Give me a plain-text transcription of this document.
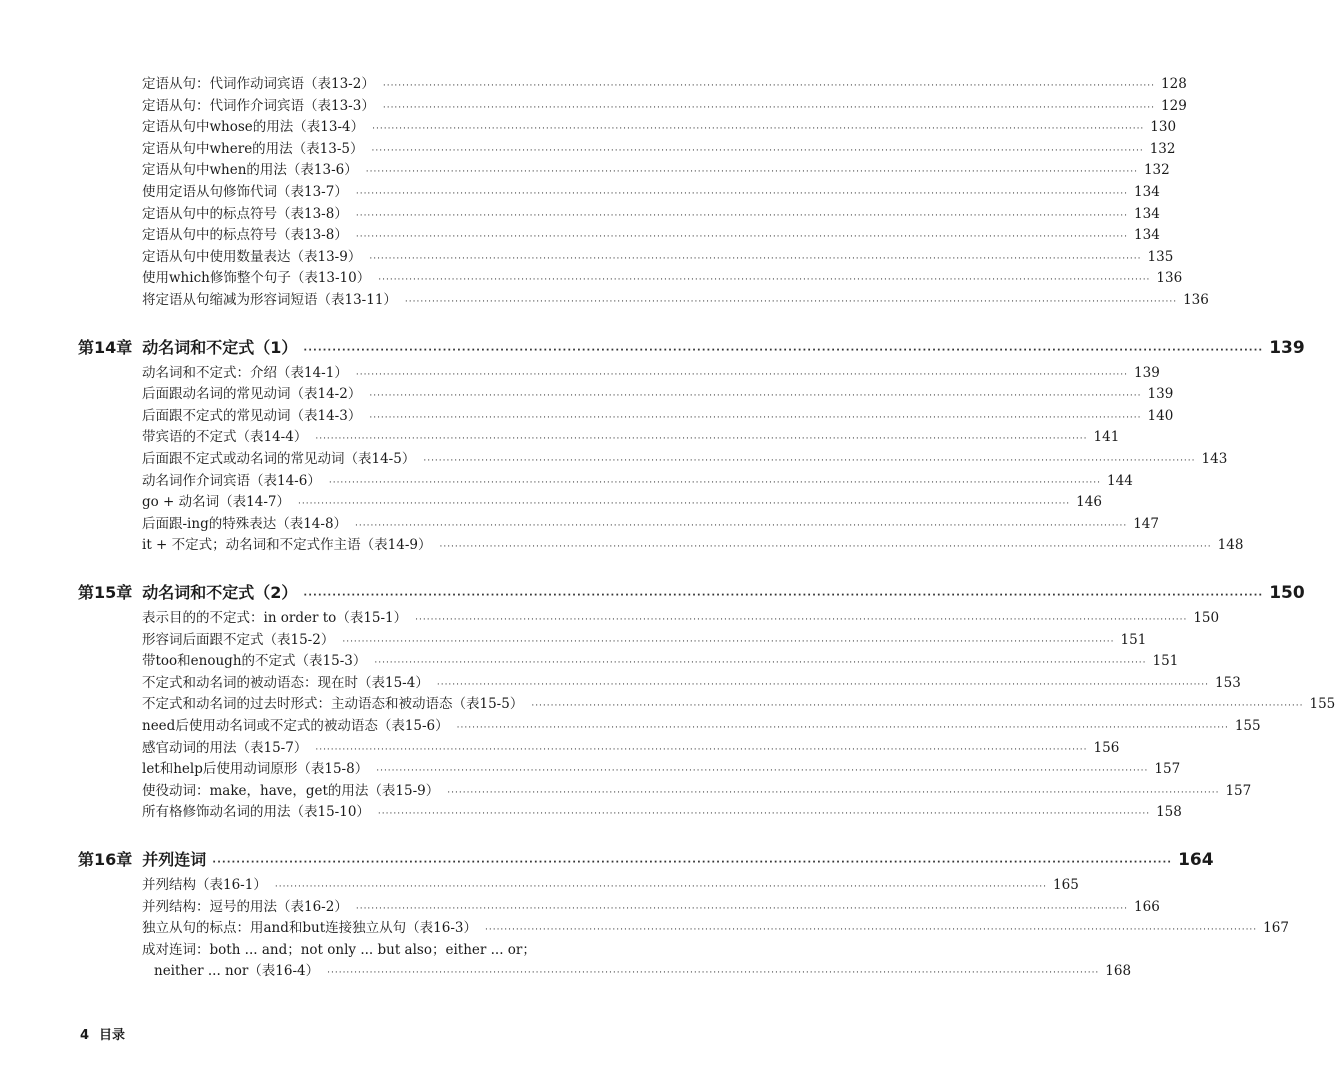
定语从句：代词作动词宾语（表13-2） ········································································································································································································ 128
定语从句：代词作介词宾语（表13-3） ········································································································································································································ 129
定语从句中whose的用法（表13-4） ········································································································································································································ 130
定语从句中where的用法（表13-5） ········································································································································································································ 132
定语从句中when的用法（表13-6） ········································································································································································································ 132
使用定语从句修饰代词（表13-7） ········································································································································································································ 134
定语从句中的标点符号（表13-8） ········································································································································································································ 134
定语从句中的标点符号（表13-8） ········································································································································································································ 134
定语从句中使用数量表达（表13-9） ········································································································································································································ 135
使用which修饰整个句子（表13-10） ········································································································································································································ 136
将定语从句缩减为形容词短语（表13-11） ········································································································································································································ 136
第14章 动名词和不定式（1） ········································································································································································································ 139
动名词和不定式：介绍（表14-1） ········································································································································································································ 139
后面跟动名词的常见动词（表14-2） ········································································································································································································ 139
后面跟不定式的常见动词（表14-3） ········································································································································································································ 140
带宾语的不定式（表14-4） ········································································································································································································ 141
后面跟不定式或动名词的常见动词（表14-5） ········································································································································································································ 143
动名词作介词宾语（表14-6） ········································································································································································································ 144
go + 动名词（表14-7） ········································································································································································································ 146
后面跟-ing的特殊表达（表14-8） ········································································································································································································ 147
it + 不定式；动名词和不定式作主语（表14-9） ········································································································································································································ 148
第15章 动名词和不定式（2） ········································································································································································································ 150
表示目的的不定式：in order to（表15-1） ········································································································································································································ 150
形容词后面跟不定式（表15-2） ········································································································································································································ 151
带too和enough的不定式（表15-3） ········································································································································································································ 151
不定式和动名词的被动语态：现在时（表15-4） ········································································································································································································ 153
不定式和动名词的过去时形式：主动语态和被动语态（表15-5） ········································································································································································································ 155
need后使用动名词或不定式的被动语态（表15-6） ········································································································································································································ 155
感官动词的用法（表15-7） ········································································································································································································ 156
let和help后使用动词原形（表15-8） ········································································································································································································ 157
使役动词：make，have，get的用法（表15-9） ········································································································································································································ 157
所有格修饰动名词的用法（表15-10） ········································································································································································································ 158
第16章 并列连词 ········································································································································································································ 164
并列结构（表16-1） ········································································································································································································ 165
并列结构：逗号的用法（表16-2） ········································································································································································································ 166
独立从句的标点：用and和but连接独立从句（表16-3） ········································································································································································································ 167
成对连词：both ... and；not only ... but also；either ... or；
neither ... nor（表16-4） ········································································································································································································ 168
4 目录
